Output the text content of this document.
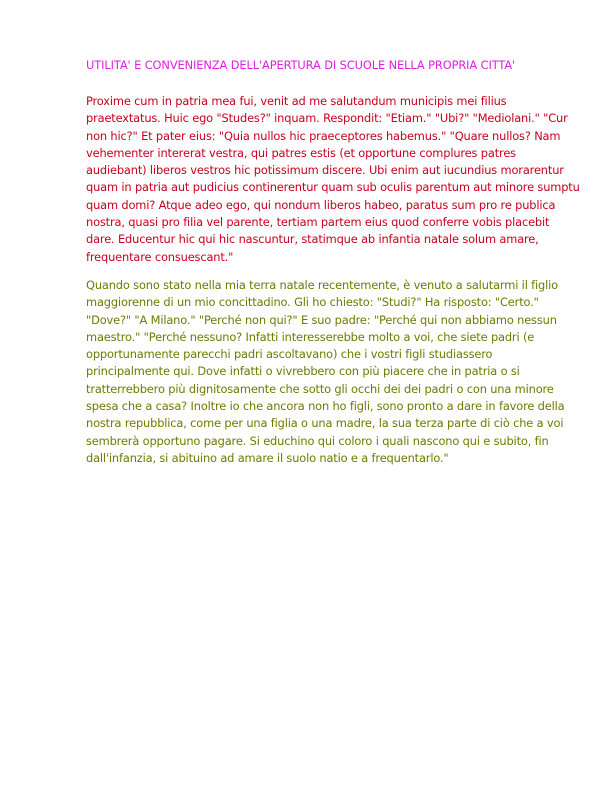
UTILITA' E CONVENIENZA DELL'APERTURA DI SCUOLE NELLA PROPRIA CITTA'

Proxime cum in patria mea fui, venit ad me salutandum municipis mei filius
praetextatus. Huic ego "Studes?" inquam. Respondit: "Etiam." "Ubi?" "Mediolani." "Cur
non hic?" Et pater eius: "Quia nullos hic praeceptores habemus." "Quare nullos? Nam
vehementer intererat vestra, qui patres estis (et opportune complures patres
audiebant) liberos vestros hic potissimum discere. Ubi enim aut iucundius morarentur
quam in patria aut pudicius continerentur quam sub oculis parentum aut minore sumptu
quam domi? Atque adeo ego, qui nondum liberos habeo, paratus sum pro re publica
nostra, quasi pro filia vel parente, tertiam partem eius quod conferre vobis placebit
dare. Educentur hic qui hic nascuntur, statimque ab infantia natale solum amare,
frequentare consuescant."

Quando sono stato nella mia terra natale recentemente, è venuto a salutarmi il figlio
maggiorenne di un mio concittadino. Gli ho chiesto: "Studi?" Ha risposto: "Certo."
"Dove?" "A Milano." "Perché non qui?" E suo padre: "Perché qui non abbiamo nessun
maestro." "Perché nessuno? Infatti interesserebbe molto a voi, che siete padri (e
opportunamente parecchi padri ascoltavano) che i vostri figli studiassero
principalmente qui. Dove infatti o vivrebbero con più piacere che in patria o si
tratterrebbero più dignitosamente che sotto gli occhi dei dei padri o con una minore
spesa che a casa? Inoltre io che ancora non ho figli, sono pronto a dare in favore della
nostra repubblica, come per una figlia o una madre, la sua terza parte di ciò che a voi
sembrerà opportuno pagare. Si educhino qui coloro i quali nascono qui e subito, fin
dall'infanzia, si abituino ad amare il suolo natio e a frequentarlo."
